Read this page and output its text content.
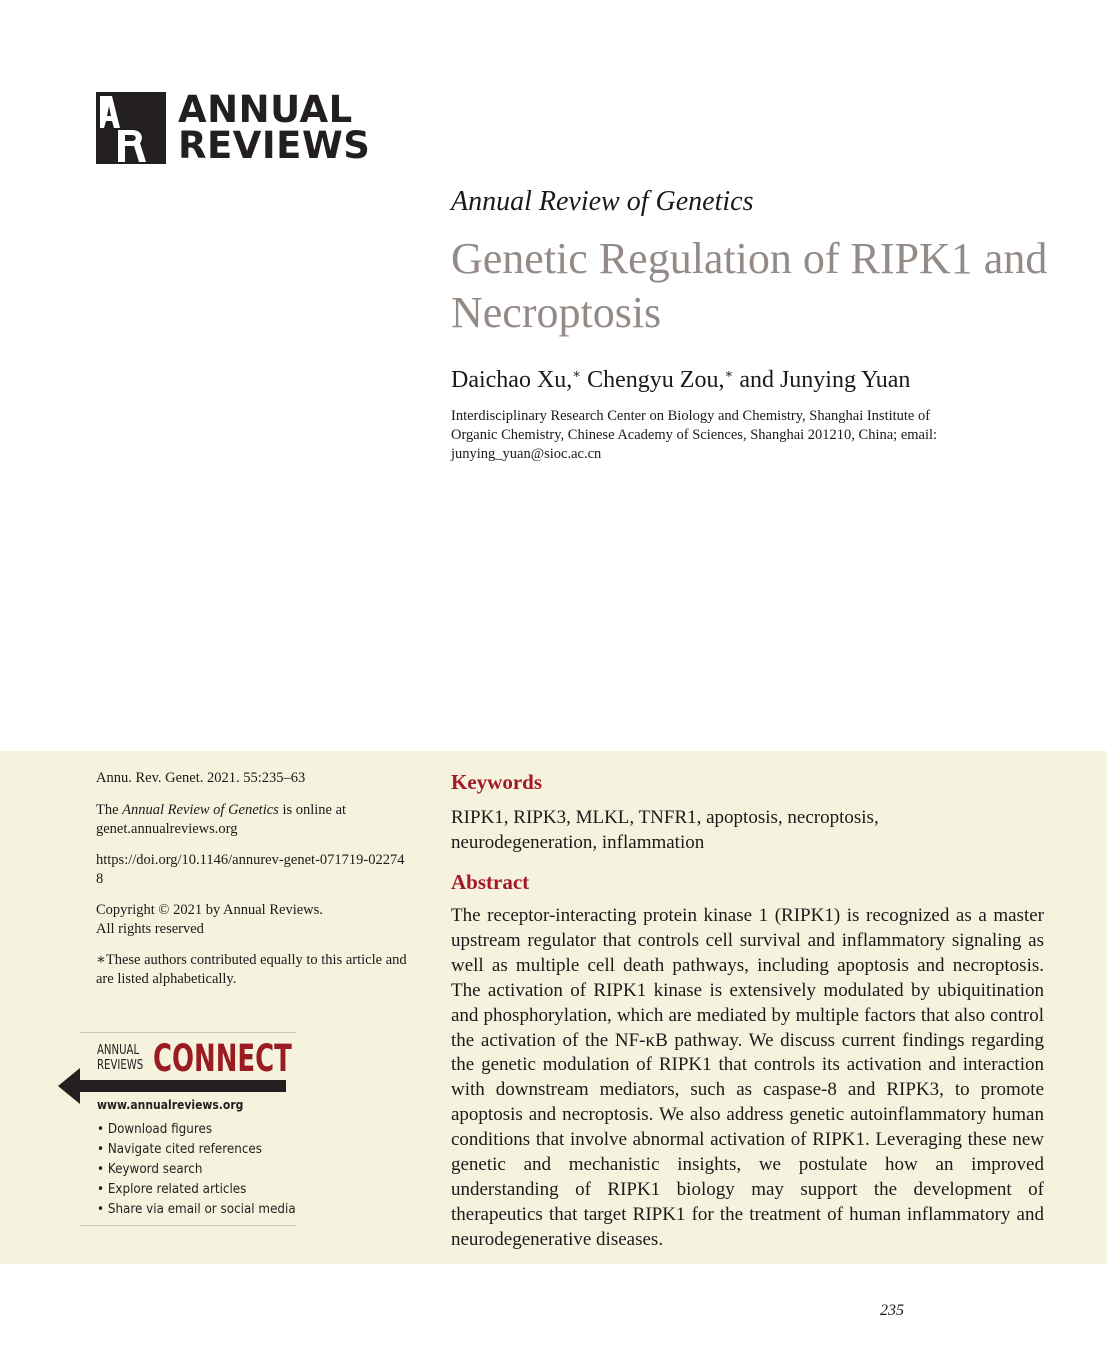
ANNUAL
REVIEWS
Annual Review of Genetics
Genetic Regulation of RIPK1 and Necroptosis
Daichao Xu,∗ Chengyu Zou,∗ and Junying Yuan
Interdisciplinary Research Center on Biology and Chemistry, Shanghai Institute of Organic Chemistry, Chinese Academy of Sciences, Shanghai 201210, China; email: junying_yuan@sioc.ac.cn
Annu. Rev. Genet. 2021. 55:235–63
The Annual Review of Genetics is online at genet.annualreviews.org
https://doi.org/10.1146/annurev-genet-071719-022748
Copyright © 2021 by Annual Reviews.
All rights reserved
∗These authors contributed equally to this article and are listed alphabetically.
ANNUAL
REVIEWS CONNECT
www.annualreviews.org
• Download figures
• Navigate cited references
• Keyword search
• Explore related articles
• Share via email or social media
Keywords
RIPK1, RIPK3, MLKL, TNFR1, apoptosis, necroptosis, neurodegeneration, inflammation
Abstract
The receptor-interacting protein kinase 1 (RIPK1) is recognized as a master upstream regulator that controls cell survival and inflammatory signaling as well as multiple cell death pathways, including apoptosis and necroptosis. The activation of RIPK1 kinase is extensively modulated by ubiquitination and phosphorylation, which are mediated by multiple factors that also control the activation of the NF-κB pathway. We discuss current findings regarding the genetic modulation of RIPK1 that controls its activation and interaction with downstream mediators, such as caspase-8 and RIPK3, to promote apoptosis and necroptosis. We also address genetic autoinflammatory human conditions that involve abnormal activation of RIPK1. Leveraging these new genetic and mechanistic insights, we postulate how an improved understanding of RIPK1 biology may support the development of therapeutics that target RIPK1 for the treatment of human inflammatory and neurodegenerative diseases.
235
